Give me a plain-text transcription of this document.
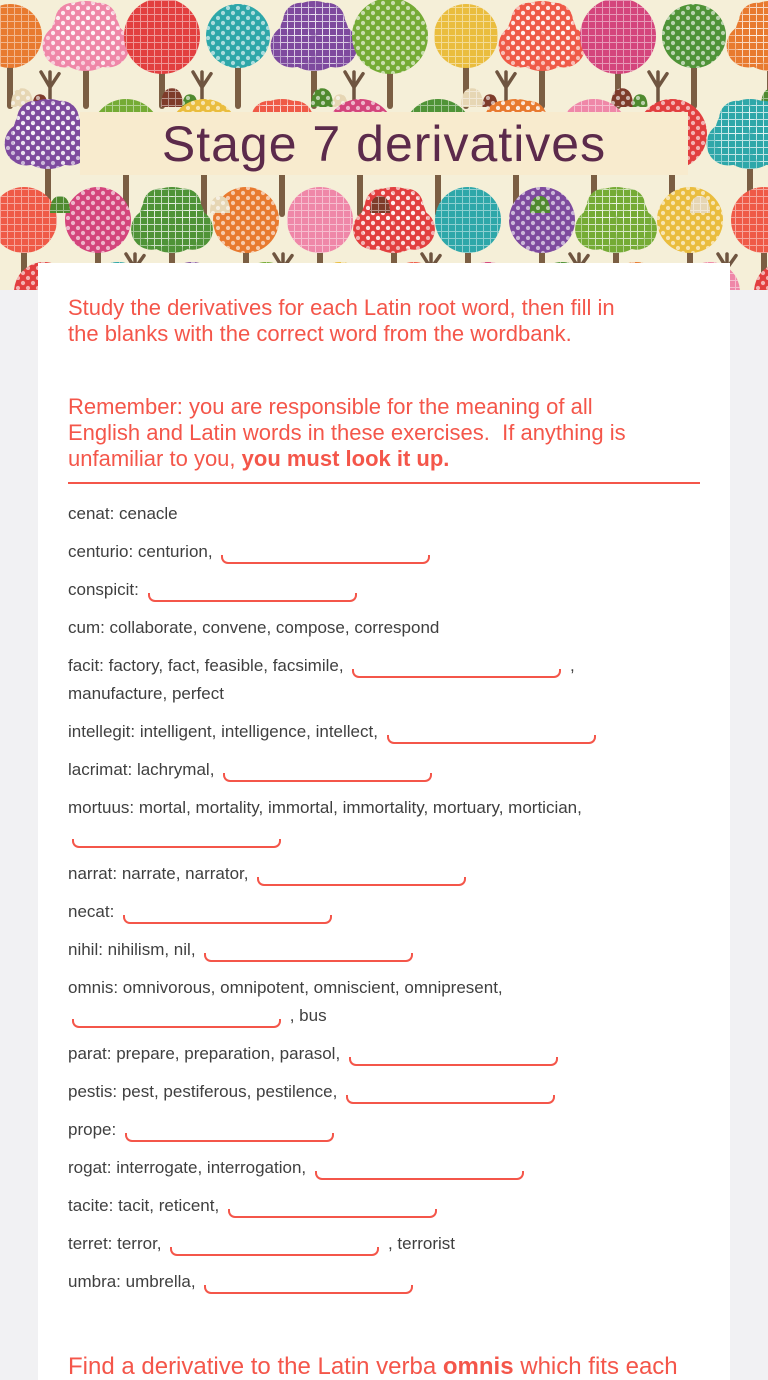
Stage 7 derivatives

Study the derivatives for each Latin root word, then fill in
the blanks with the correct word from the wordbank.

Remember: you are responsible for the meaning of all
English and Latin words in these exercises.  If anything is
unfamiliar to you, you must look it up.

cenat: cenacle

centurio: centurion,

conspicit:

cum: collaborate, convene, compose, correspond

facit: factory, fact, feasible, facsimile,	,
manufacture, perfect

intellegit: intelligent, intelligence, intellect,

lacrimat: lachrymal,

mortuus: mortal, mortality, immortal, immortality, mortuary, mortician,

narrat: narrate, narrator,

necat:

nihil: nihilism, nil,

omnis: omnivorous, omnipotent, omniscient, omnipresent,
, bus

parat: prepare, preparation, parasol,

pestis: pest, pestiferous, pestilence,

prope:

rogat: interrogate, interrogation,

tacite: tacit, reticent,

terret: terror,	, terrorist

umbra: umbrella,

Find a derivative to the Latin verba omnis which fits each
